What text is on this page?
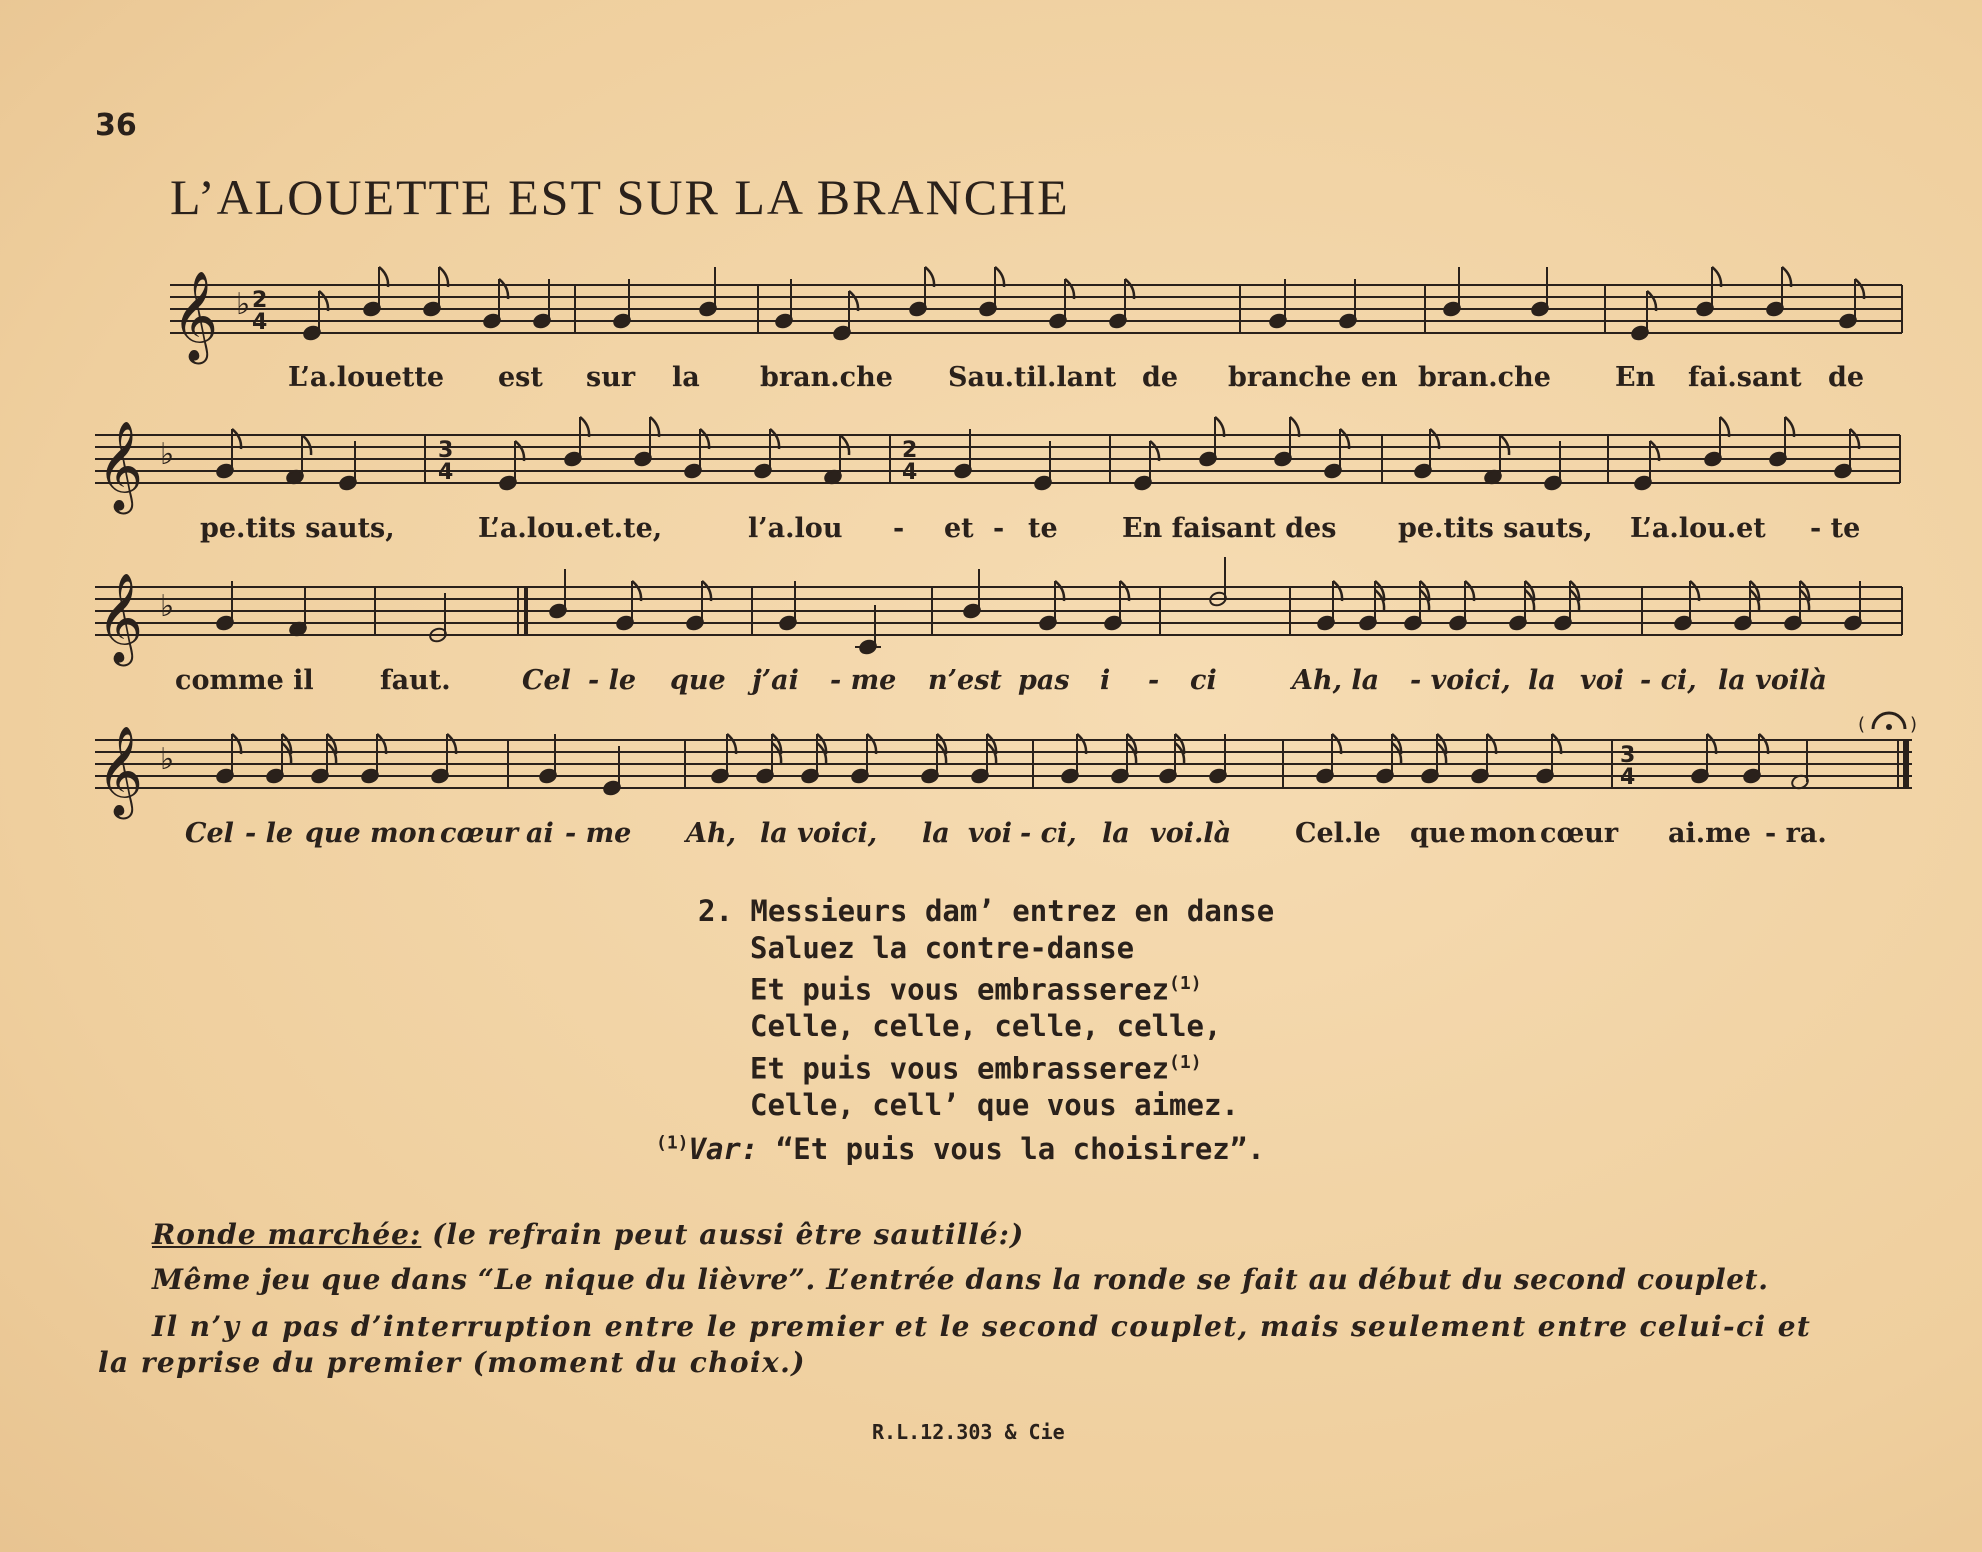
36
L’ALOUETTE EST SUR LA BRANCHE
𝄞 ♭ 2
4
L’a.louette est sur la bran.che Sau.til.lant de branche en bran.che En fai.sant de
𝄞 ♭	3
4
2
4
pe.tits sauts,	L’a.lou.et.te,	l’a.lou - et - te En faisant des pe.tits sauts, L’a.lou.et - te
𝄞 ♭
comme il faut.	Cel - le que j’ai - me n’est pas i - ci	Ah, la - voici, la voi - ci, la voilà
𝄞 ♭	3
4
( )
Cel - le que mon cœur ai - me Ah, la voici, la voi - ci, la voi.là Cel.le que mon cœur ai.me - ra.
2. Messieurs dam’ entrez en danse
Saluez la contre-danse
Et puis vous embrasserez$^{(1)}$
Celle, celle, celle, celle,
Et puis vous embrasserez$^{(1)}$
Celle, cell’ que vous aimez.
$^{(1)}$Var: “Et puis vous la choisirez”.
Ronde marchée: (le refrain peut aussi être sautillé:)
Même jeu que dans “Le nique du lièvre”. L’entrée dans la ronde se fait au début du second couplet.
Il n’y a pas d’interruption entre le premier et le second couplet, mais seulement entre celui-ci et
la reprise du premier (moment du choix.)
R.L.12.303 & Cie
